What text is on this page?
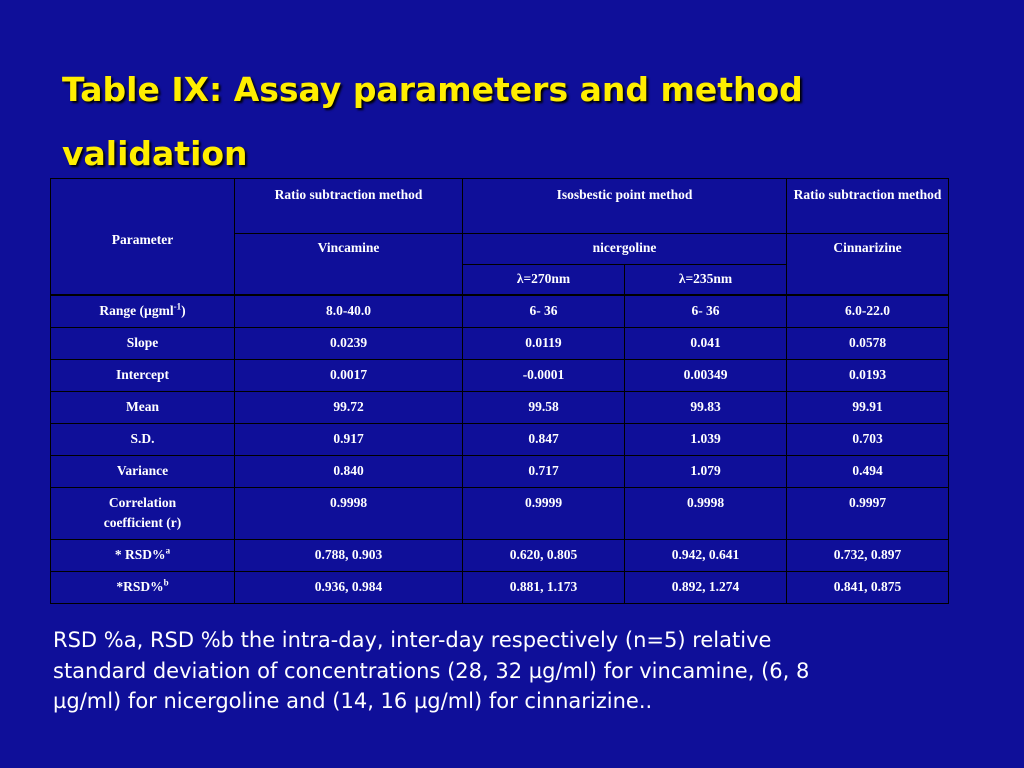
Table IX: Assay parameters and method validation
Parameter	Ratio subtraction method	Isosbestic point method		Ratio subtraction method
	Vincamine	nicergoline		Cinnarizine
		λ=270nm	λ=235nm	
Range (µgml$^{-1}$)	8.0-40.0	6- 36	6- 36	6.0-22.0
Slope	0.0239	0.0119	0.041	0.0578
Intercept	0.0017	-0.0001	0.00349	0.0193
Mean	99.72	99.58	99.83	99.91
S.D.	0.917	0.847	1.039	0.703
Variance	0.840	0.717	1.079	0.494
Correlation coefficient (r)	0.9998	0.9999	0.9998	0.9997
* RSD%$^a$	0.788, 0.903	0.620, 0.805	0.942, 0.641	0.732, 0.897
*RSD%$^b$	0.936, 0.984	0.881, 1.173	0.892, 1.274	0.841, 0.875

RSD %a, RSD %b the intra-day, inter-day respectively (n=5) relative standard deviation of concentrations (28, 32 µg/ml) for vincamine, (6, 8 µg/ml) for nicergoline and (14, 16 µg/ml) for cinnarizine..
